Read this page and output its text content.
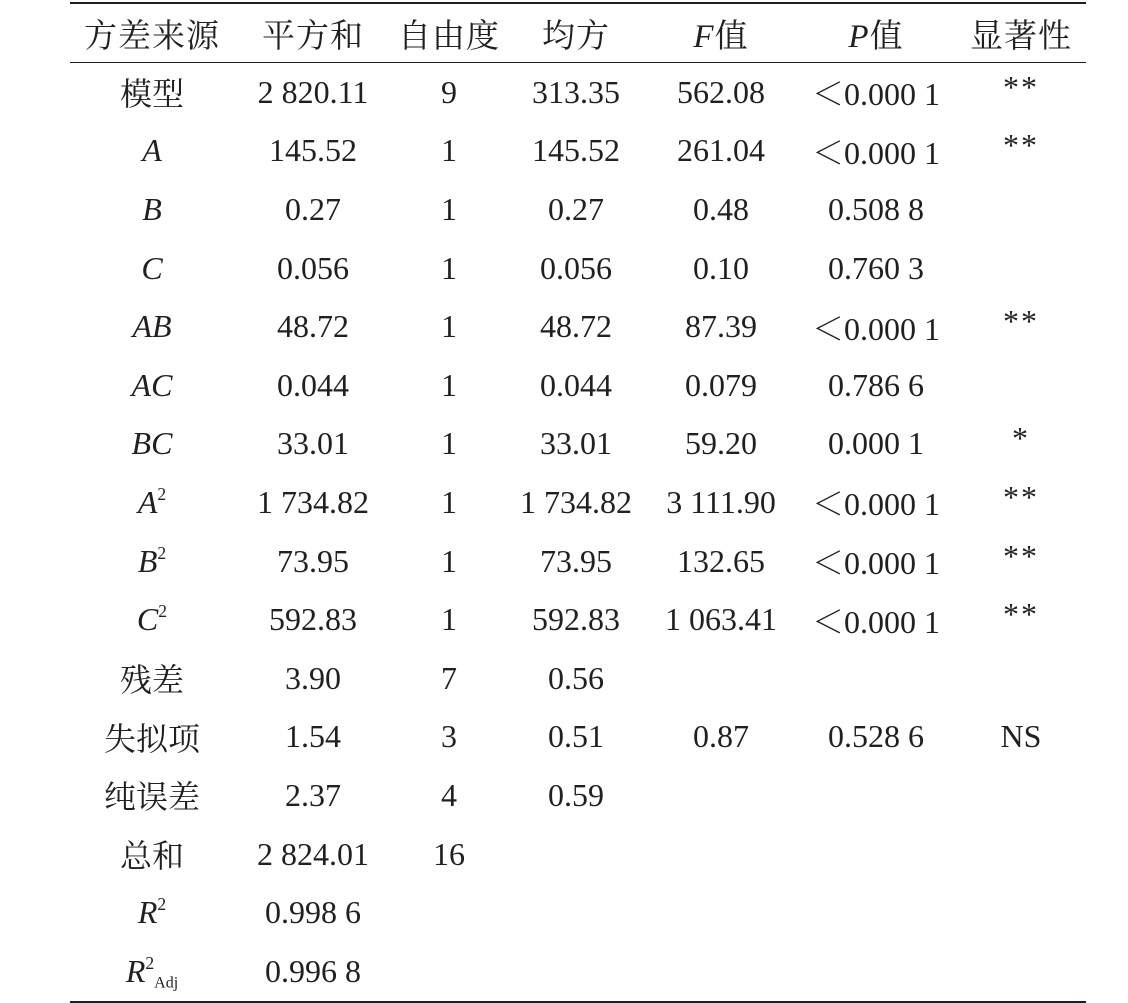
方差来源	平方和	自由度	均方	F值	P值	显著性

模型	2 820.11	9	313.35	562.08	＜0.000 1	**
A	145.52	1	145.52	261.04	＜0.000 1	**
B	0.27	1	0.27	0.48	0.508 8	
C	0.056	1	0.056	0.10	0.760 3	
AB	48.72	1	48.72	87.39	＜0.000 1	**
AC	0.044	1	0.044	0.079	0.786 6	
BC	33.01	1	33.01	59.20	0.000 1	*
$A^2$	1 734.82	1	1 734.82	3 111.90	＜0.000 1	**
$B^2$	73.95	1	73.95	132.65	＜0.000 1	**
$C^2$	592.83	1	592.83	1 063.41	＜0.000 1	**
残差	3.90	7	0.56			
失拟项	1.54	3	0.51	0.87	0.528 6	NS
纯误差	2.37	4	0.59			
总和	2 824.01	16				
$R^2$	0.998 6					
$R^2_{Adj}$	0.996 8					
